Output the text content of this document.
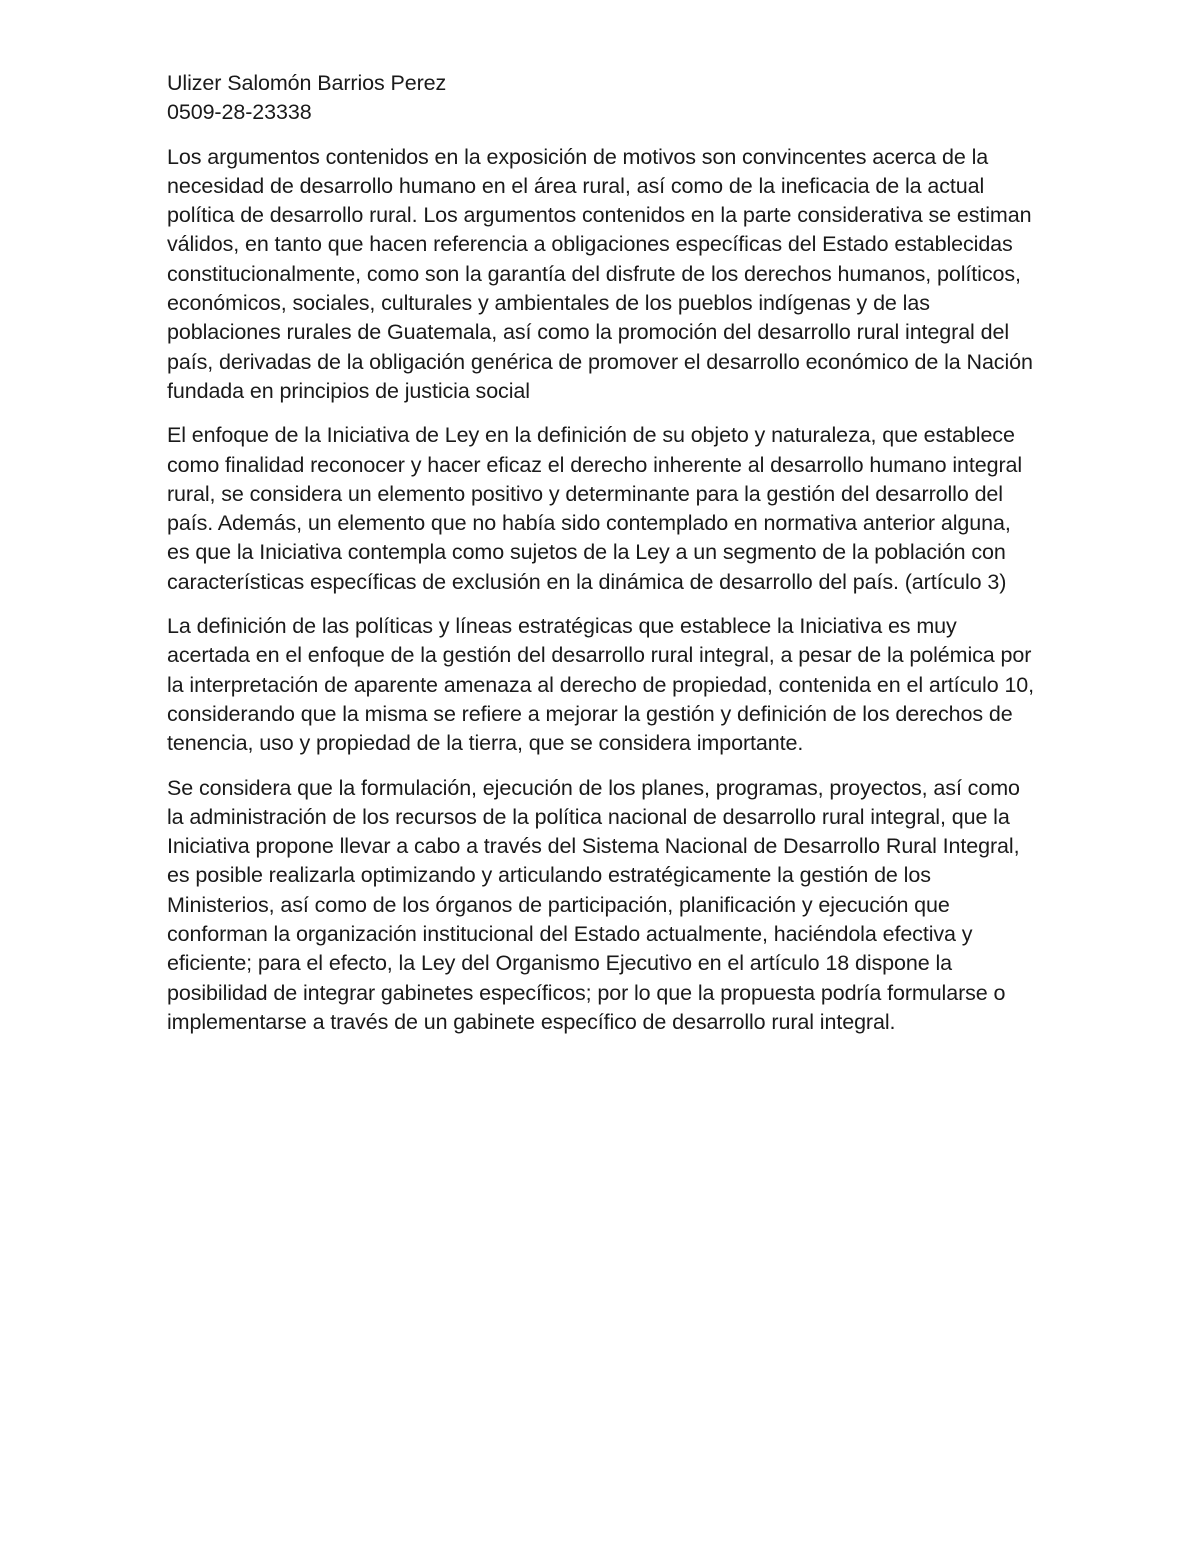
Ulizer Salomón Barrios Perez
0509-28-23338

Los argumentos contenidos en la exposición de motivos son convincentes acerca de la necesidad de desarrollo humano en el área rural, así como de la ineficacia de la actual política de desarrollo rural. Los argumentos contenidos en la parte considerativa se estiman válidos, en tanto que hacen referencia a obligaciones específicas del Estado establecidas constitucionalmente, como son la garantía del disfrute de los derechos humanos, políticos, económicos, sociales, culturales y ambientales de los pueblos indígenas y de las poblaciones rurales de Guatemala, así como la promoción del desarrollo rural integral del país, derivadas de la obligación genérica de promover el desarrollo económico de la Nación fundada en principios de justicia social

El enfoque de la Iniciativa de Ley en la definición de su objeto y naturaleza, que establece como finalidad reconocer y hacer eficaz el derecho inherente al desarrollo humano integral rural, se considera un elemento positivo y determinante para la gestión del desarrollo del país. Además, un elemento que no había sido contemplado en normativa anterior alguna, es que la Iniciativa contempla como sujetos de la Ley a un segmento de la población con características específicas de exclusión en la dinámica de desarrollo del país. (artículo 3)

La definición de las políticas y líneas estratégicas que establece la Iniciativa es muy acertada en el enfoque de la gestión del desarrollo rural integral, a pesar de la polémica por la interpretación de aparente amenaza al derecho de propiedad, contenida en el artículo 10, considerando que la misma se refiere a mejorar la gestión y definición de los derechos de tenencia, uso y propiedad de la tierra, que se considera importante.

Se considera que la formulación, ejecución de los planes, programas, proyectos, así como la administración de los recursos de la política nacional de desarrollo rural integral, que la Iniciativa propone llevar a cabo a través del Sistema Nacional de Desarrollo Rural Integral, es posible realizarla optimizando y articulando estratégicamente la gestión de los Ministerios, así como de los órganos de participación, planificación y ejecución que conforman la organización institucional del Estado actualmente, haciéndola efectiva y eficiente; para el efecto, la Ley del Organismo Ejecutivo en el artículo 18 dispone la posibilidad de integrar gabinetes específicos; por lo que la propuesta podría formularse o implementarse a través de un gabinete específico de desarrollo rural integral.
